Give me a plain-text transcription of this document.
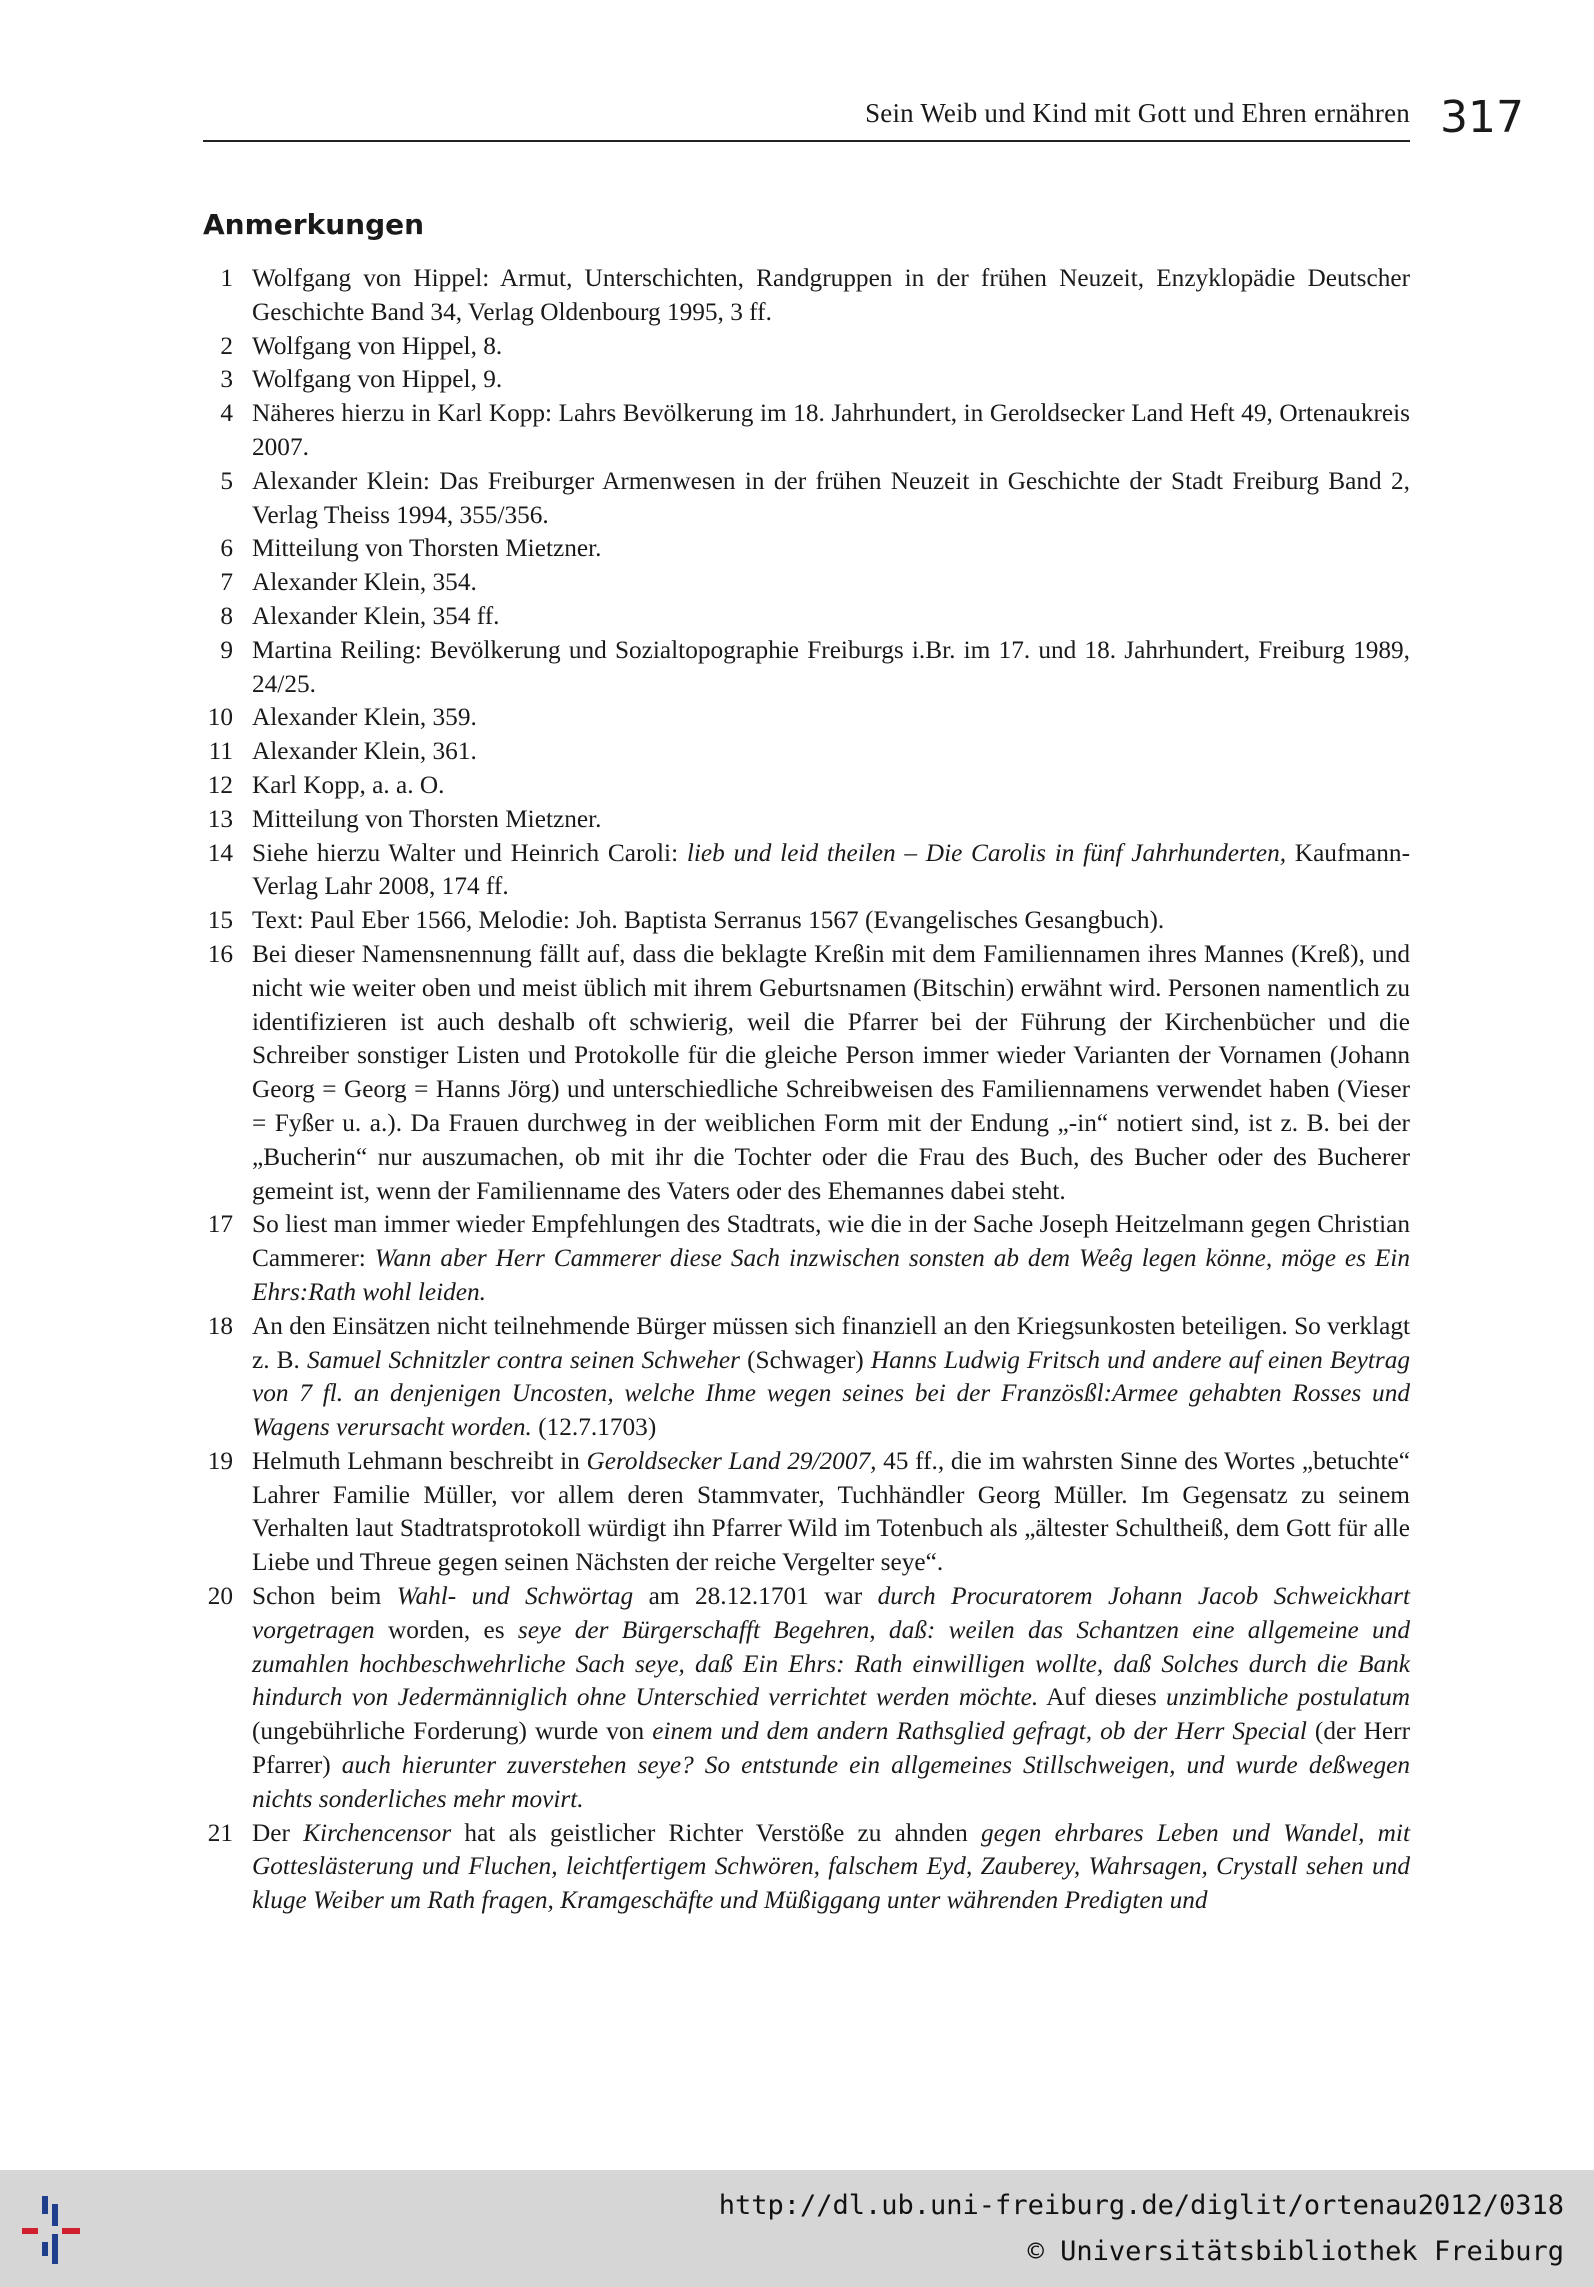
Sein Weib und Kind mit Gott und Ehren ernähren 317
Anmerkungen
1 Wolfgang von Hippel: Armut, Unterschichten, Randgruppen in der frühen Neuzeit, Enzyklopädie Deutscher Geschichte Band 34, Verlag Oldenbourg 1995, 3 ff.
2 Wolfgang von Hippel, 8.
3 Wolfgang von Hippel, 9.
4 Näheres hierzu in Karl Kopp: Lahrs Bevölkerung im 18. Jahrhundert, in Geroldsecker Land Heft 49, Ortenaukreis 2007.
5 Alexander Klein: Das Freiburger Armenwesen in der frühen Neuzeit in Geschichte der Stadt Freiburg Band 2, Verlag Theiss 1994, 355/356.
6 Mitteilung von Thorsten Mietzner.
7 Alexander Klein, 354.
8 Alexander Klein, 354 ff.
9 Martina Reiling: Bevölkerung und Sozialtopographie Freiburgs i.Br. im 17. und 18. Jahrhundert, Freiburg 1989, 24/25.
10 Alexander Klein, 359.
11 Alexander Klein, 361.
12 Karl Kopp, a. a. O.
13 Mitteilung von Thorsten Mietzner.
14 Siehe hierzu Walter und Heinrich Caroli: lieb und leid theilen – Die Carolis in fünf Jahrhunderten, Kaufmann-Verlag Lahr 2008, 174 ff.
15 Text: Paul Eber 1566, Melodie: Joh. Baptista Serranus 1567 (Evangelisches Gesangbuch).
16 Bei dieser Namensnennung fällt auf, dass die beklagte Kreßin mit dem Familiennamen ihres Mannes (Kreß), und nicht wie weiter oben und meist üblich mit ihrem Geburtsnamen (Bitschin) erwähnt wird. Personen namentlich zu identifizieren ist auch deshalb oft schwierig, weil die Pfarrer bei der Führung der Kirchenbücher und die Schreiber sonstiger Listen und Protokolle für die gleiche Person immer wieder Varianten der Vornamen (Johann Georg = Georg = Hanns Jörg) und unterschiedliche Schreibweisen des Familiennamens verwendet haben (Vieser = Fyßer u. a.). Da Frauen durchweg in der weiblichen Form mit der Endung „-in“ notiert sind, ist z. B. bei der „Bucherin“ nur auszumachen, ob mit ihr die Tochter oder die Frau des Buch, des Bucher oder des Bucherer gemeint ist, wenn der Familienname des Vaters oder des Ehemannes dabei steht.
17 So liest man immer wieder Empfehlungen des Stadtrats, wie die in der Sache Joseph Heitzelmann gegen Christian Cammerer: Wann aber Herr Cammerer diese Sach inzwischen sonsten ab dem Weêg legen könne, möge es Ein Ehrs:Rath wohl leiden.
18 An den Einsätzen nicht teilnehmende Bürger müssen sich finanziell an den Kriegsunkosten beteiligen. So verklagt z. B. Samuel Schnitzler contra seinen Schweher (Schwager) Hanns Ludwig Fritsch und andere auf einen Beytrag von 7 fl. an denjenigen Uncosten, welche Ihme wegen seines bei der Französßl:Armee gehabten Rosses und Wagens verursacht worden. (12.7.1703)
19 Helmuth Lehmann beschreibt in Geroldsecker Land 29/2007, 45 ff., die im wahrsten Sinne des Wortes „betuchte“ Lahrer Familie Müller, vor allem deren Stammvater, Tuchhändler Georg Müller. Im Gegensatz zu seinem Verhalten laut Stadtratsprotokoll würdigt ihn Pfarrer Wild im Totenbuch als „ältester Schultheiß, dem Gott für alle Liebe und Threue gegen seinen Nächsten der reiche Vergelter seye“.
20 Schon beim Wahl- und Schwörtag am 28.12.1701 war durch Procuratorem Johann Jacob Schweickhart vorgetragen worden, es seye der Bürgerschafft Begehren, daß: weilen das Schantzen eine allgemeine und zumahlen hochbeschwehrliche Sach seye, daß Ein Ehrs: Rath einwilligen wollte, daß Solches durch die Bank hindurch von Jedermänniglich ohne Unterschied verrichtet werden möchte. Auf dieses unzimbliche postulatum (ungebührliche Forderung) wurde von einem und dem andern Rathsglied gefragt, ob der Herr Special (der Herr Pfarrer) auch hierunter zuverstehen seye? So entstunde ein allgemeines Stillschweigen, und wurde deßwegen nichts sonderliches mehr movirt.
21 Der Kirchencensor hat als geistlicher Richter Verstöße zu ahnden gegen ehrbares Leben und Wandel, mit Gotteslästerung und Fluchen, leichtfertigem Schwören, falschem Eyd, Zauberey, Wahrsagen, Crystall sehen und kluge Weiber um Rath fragen, Kramgeschäfte und Müßiggang unter währenden Predigten und
http://dl.ub.uni-freiburg.de/diglit/ortenau2012/0318
© Universitätsbibliothek Freiburg
